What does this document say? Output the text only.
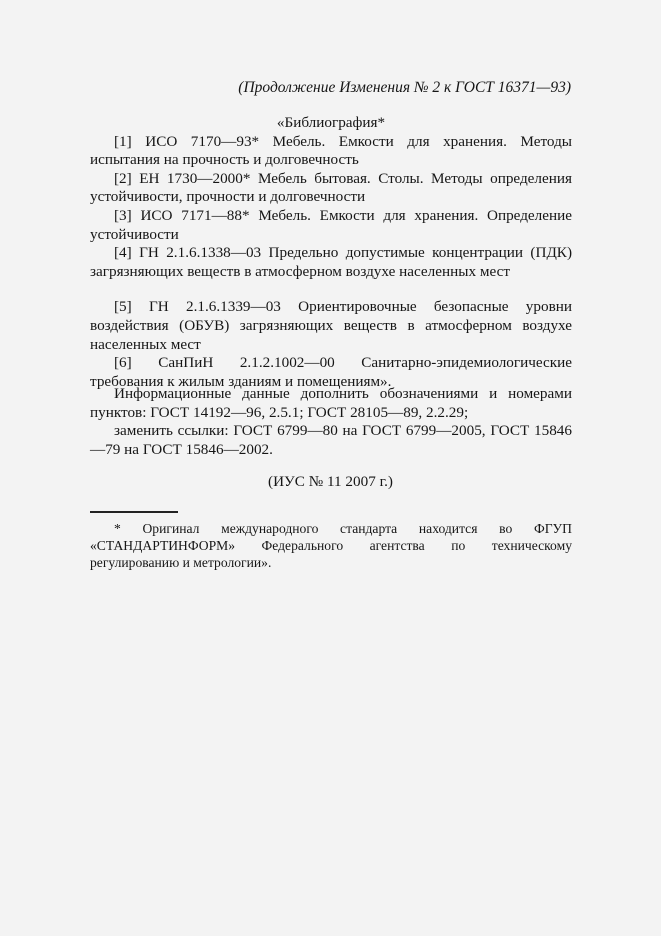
(Продолжение Изменения № 2 к ГОСТ 16371—93)

«Библиография*

[1] ИСО 7170—93* Мебель. Емкости для хранения. Методы испытания на прочность и долговечность

[2] ЕН 1730—2000* Мебель бытовая. Столы. Методы определения устойчивости, прочности и долговечности

[3] ИСО 7171—88* Мебель. Емкости для хранения. Определение устойчивости

[4] ГН 2.1.6.1338—03 Предельно допустимые концентрации (ПДК) загрязняющих веществ в атмосферном воздухе населенных мест

[5] ГН 2.1.6.1339—03 Ориентировочные безопасные уровни воздействия (ОБУВ) загрязняющих веществ в атмосферном воздухе населенных мест

[6] СанПиН 2.1.2.1002—00 Санитарно-эпидемиологические требования к жилым зданиям и помещениям».

Информационные данные дополнить обозначениями и номерами пунктов: ГОСТ 14192—96, 2.5.1; ГОСТ 28105—89, 2.2.29;

заменить ссылки: ГОСТ 6799—80 на ГОСТ 6799—2005, ГОСТ 15846—79 на ГОСТ 15846—2002.

(ИУС № 11 2007 г.)

* Оригинал международного стандарта находится во ФГУП «СТАНДАРТИНФОРМ» Федерального агентства по техническому регулированию и метрологии».
